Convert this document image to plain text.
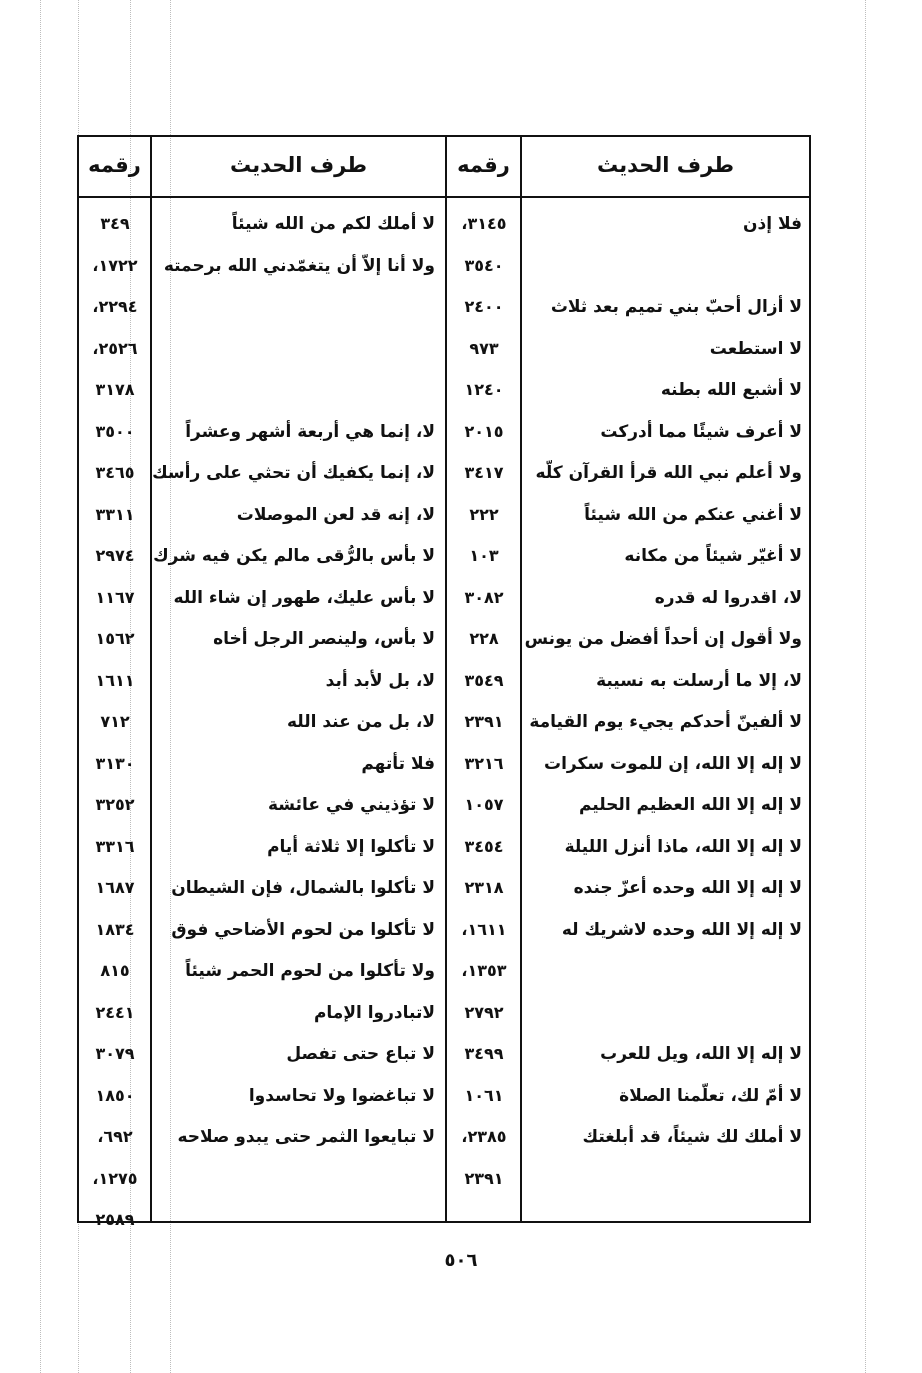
طرف الحديث
رقمه
طرف الحديث
رقمه
فلا إذن
٣١٤٥،
٣٥٤٠
لا أزال أحبّ بني تميم بعد ثلاث
٢٤٠٠
لا استطعت
٩٧٣
لا أشبع الله بطنه
١٢٤٠
لا أعرف شيئًا مما أدركت
٢٠١٥
ولا أعلم نبي الله قرأ القرآن كلّه
٣٤١٧
لا أغني عنكم من الله شيئاً
٢٢٢
لا أغيّر شيئاً من مكانه
١٠٣
لا، اقدروا له قدره
٣٠٨٢
ولا أقول إن أحداً أفضل من يونس
٢٢٨
لا، إلا ما أرسلت به نسيبة
٣٥٤٩
لا ألفينّ أحدكم يجيء يوم القيامة
٢٣٩١
لا إله إلا الله، إن للموت سكرات
٣٢١٦
لا إله إلا الله العظيم الحليم
١٠٥٧
لا إله إلا الله، ماذا أنزل الليلة
٣٤٥٤
لا إله إلا الله وحده أعزّ جنده
٢٣١٨
لا إله إلا الله وحده لاشريك له
١٦١١،
١٣٥٣،
٢٧٩٢
لا إله إلا الله، ويل للعرب
٣٤٩٩
لا أمّ لك، تعلّمنا الصلاة
١٠٦١
لا أملك لك شيئاً، قد أبلغتك
٢٣٨٥،
٢٣٩١
لا أملك لكم من الله شيئاً
٣٤٩
ولا أنا إلاّ أن يتغمّدني الله برحمته
١٧٢٢،
٢٢٩٤،
٢٥٢٦،
٣١٧٨
لا، إنما هي أربعة أشهر وعشراً
٣٥٠٠
لا، إنما يكفيك أن تحثي على رأسك
٣٤٦٥
لا، إنه قد لعن الموصلات
٣٣١١
لا بأس بالرُّقى مالم يكن فيه شرك
٢٩٧٤
لا بأس عليك، طهور إن شاء الله
١١٦٧
لا بأس، ولينصر الرجل أخاه
١٥٦٢
لا، بل لأبد أبد
١٦١١
لا، بل من عند الله
٧١٢
فلا تأتهم
٣١٣٠
لا تؤذيني في عائشة
٣٢٥٢
لا تأكلوا إلا ثلاثة أيام
٣٣١٦
لا تأكلوا بالشمال، فإن الشيطان
١٦٨٧
لا تأكلوا من لحوم الأضاحي فوق
١٨٣٤
ولا تأكلوا من لحوم الحمر شيئاً
٨١٥
لاتبادروا الإمام
٢٤٤١
لا تباع حتى تفصل
٣٠٧٩
لا تباغضوا ولا تحاسدوا
١٨٥٠
لا تبايعوا الثمر حتى يبدو صلاحه
٦٩٢،
١٢٧٥،
٢٥٨٩
٥٠٦
